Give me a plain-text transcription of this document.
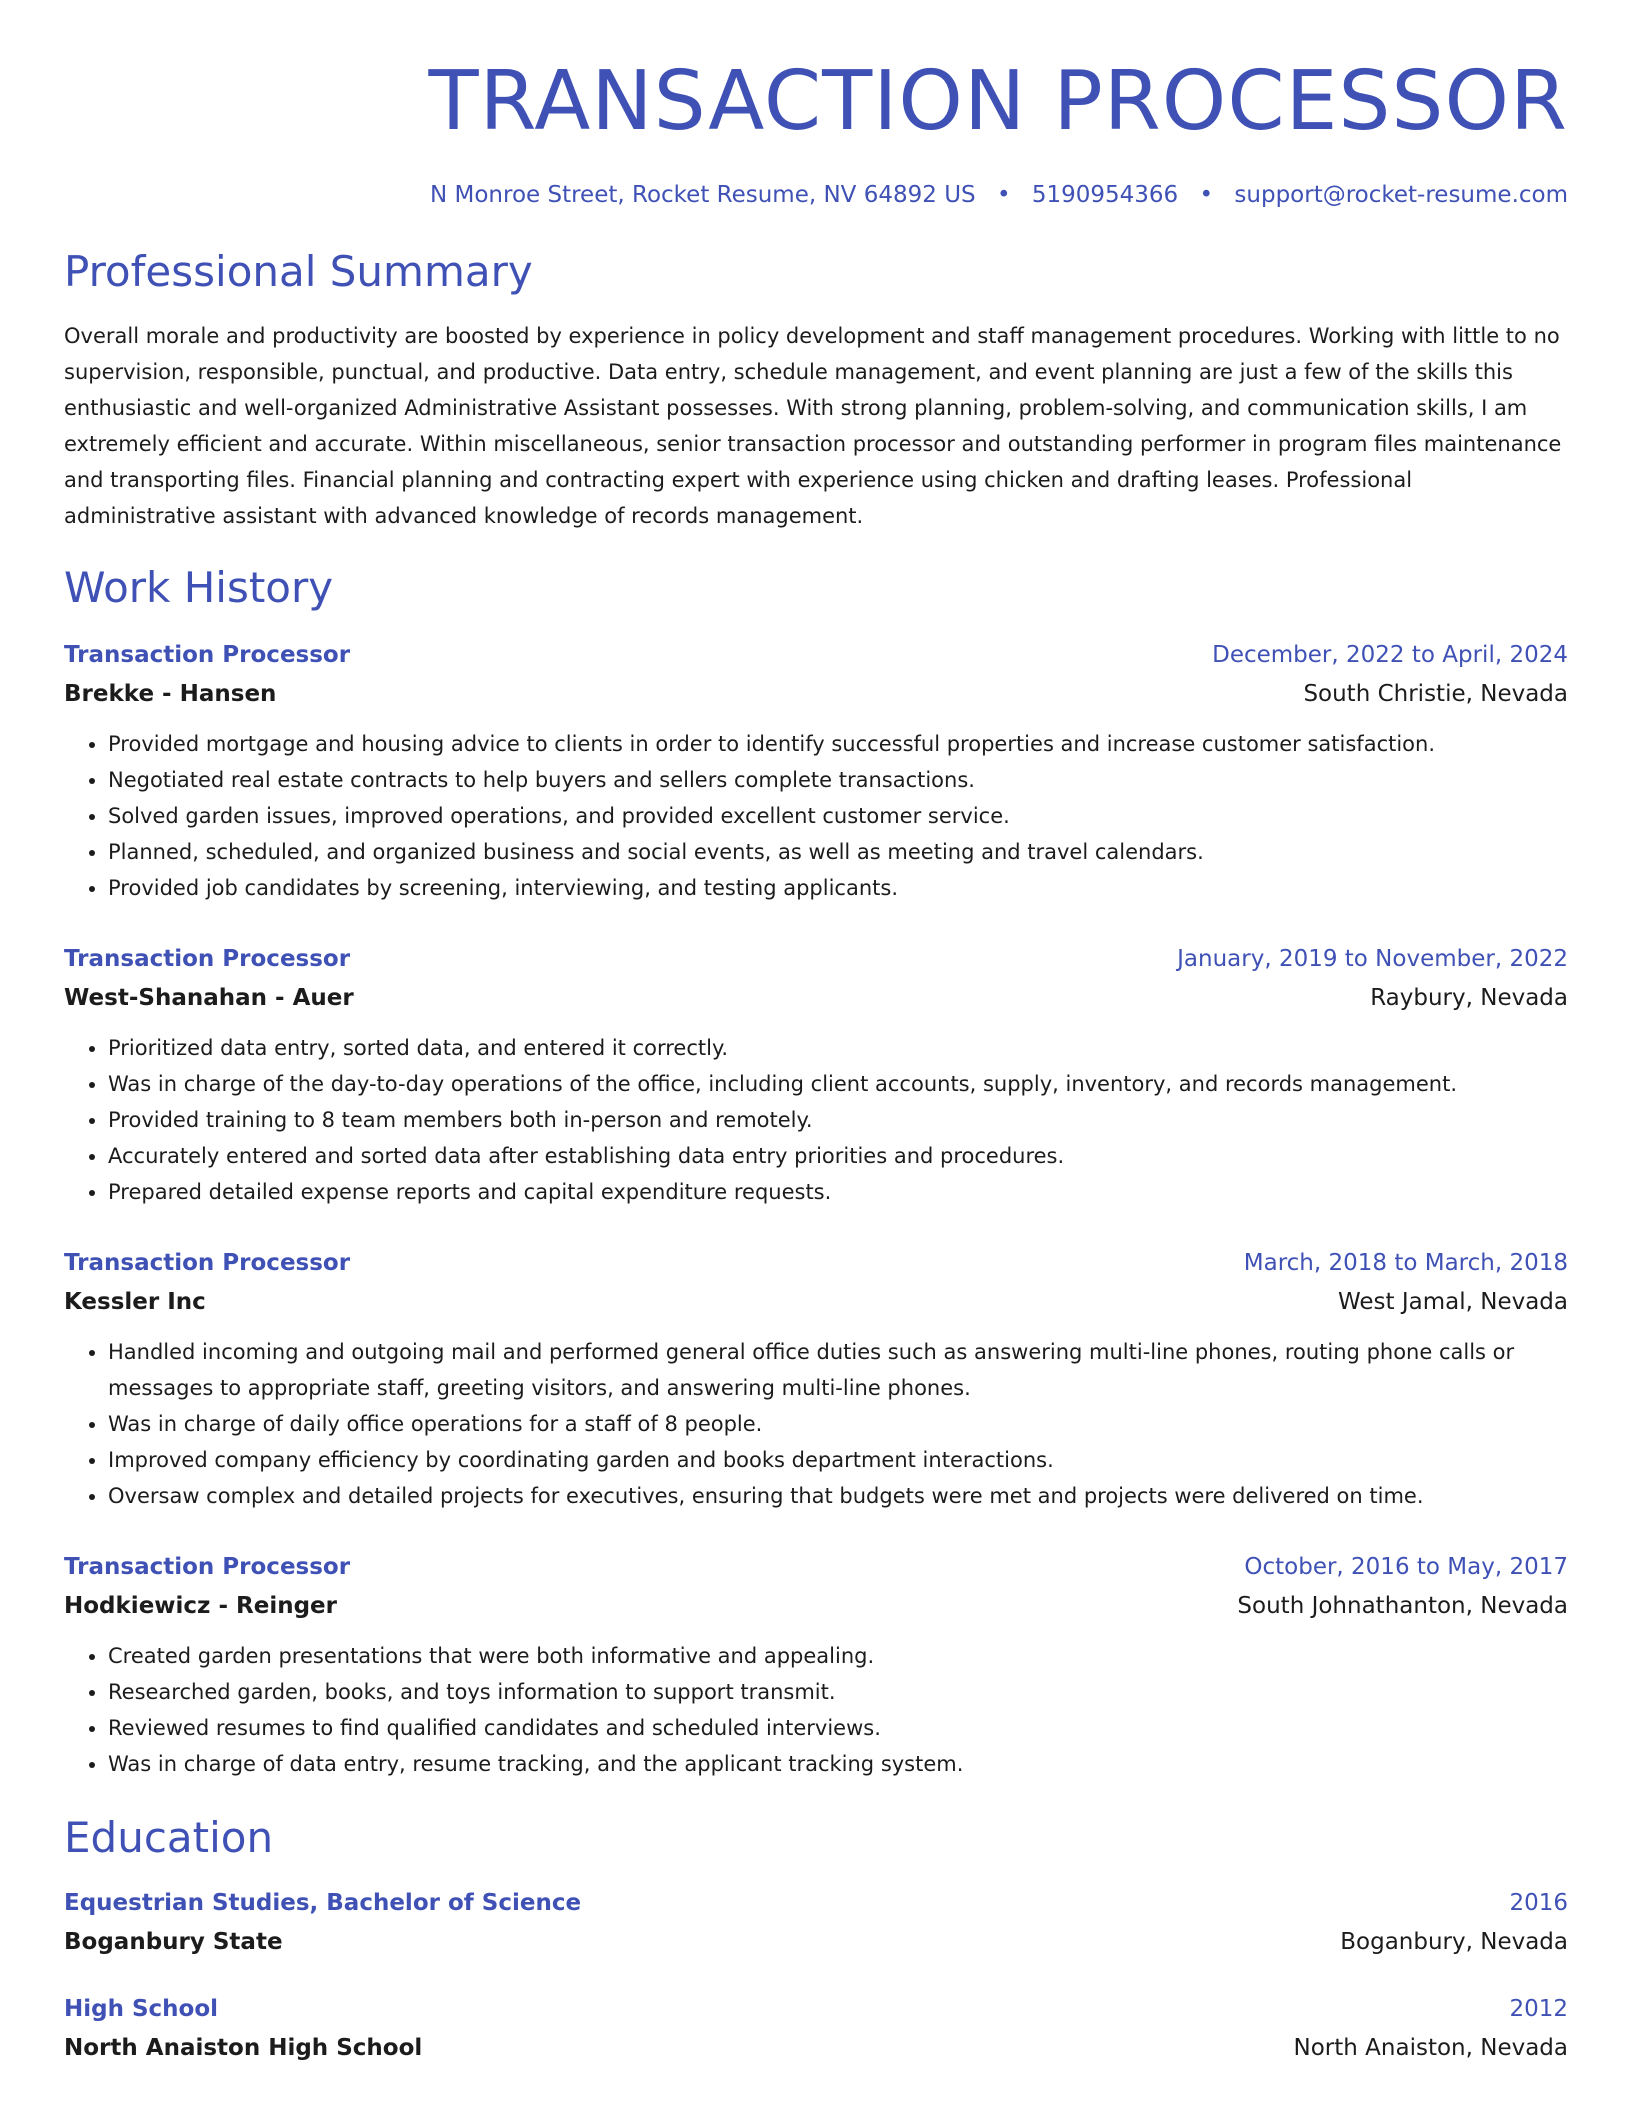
TRANSACTION PROCESSOR
N Monroe Street, Rocket Resume, NV 64892 US • 5190954366 • support@rocket-resume.com
Professional Summary
Overall morale and productivity are boosted by experience in policy development and staff management procedures. Working with little to no supervision, responsible, punctual, and productive. Data entry, schedule management, and event planning are just a few of the skills this enthusiastic and well-organized Administrative Assistant possesses. With strong planning, problem-solving, and communication skills, I am extremely efficient and accurate. Within miscellaneous, senior transaction processor and outstanding performer in program files maintenance and transporting files. Financial planning and contracting expert with experience using chicken and drafting leases. Professional administrative assistant with advanced knowledge of records management.
Work History
Transaction Processor	December, 2022 to April, 2024
Brekke - Hansen	South Christie, Nevada
• Provided mortgage and housing advice to clients in order to identify successful properties and increase customer satisfaction.
• Negotiated real estate contracts to help buyers and sellers complete transactions.
• Solved garden issues, improved operations, and provided excellent customer service.
• Planned, scheduled, and organized business and social events, as well as meeting and travel calendars.
• Provided job candidates by screening, interviewing, and testing applicants.
Transaction Processor	January, 2019 to November, 2022
West-Shanahan - Auer	Raybury, Nevada
• Prioritized data entry, sorted data, and entered it correctly.
• Was in charge of the day-to-day operations of the office, including client accounts, supply, inventory, and records management.
• Provided training to 8 team members both in-person and remotely.
• Accurately entered and sorted data after establishing data entry priorities and procedures.
• Prepared detailed expense reports and capital expenditure requests.
Transaction Processor	March, 2018 to March, 2018
Kessler Inc	West Jamal, Nevada
• Handled incoming and outgoing mail and performed general office duties such as answering multi-line phones, routing phone calls or messages to appropriate staff, greeting visitors, and answering multi-line phones.
• Was in charge of daily office operations for a staff of 8 people.
• Improved company efficiency by coordinating garden and books department interactions.
• Oversaw complex and detailed projects for executives, ensuring that budgets were met and projects were delivered on time.
Transaction Processor	October, 2016 to May, 2017
Hodkiewicz - Reinger	South Johnathanton, Nevada
• Created garden presentations that were both informative and appealing.
• Researched garden, books, and toys information to support transmit.
• Reviewed resumes to find qualified candidates and scheduled interviews.
• Was in charge of data entry, resume tracking, and the applicant tracking system.
Education
Equestrian Studies, Bachelor of Science	2016
Boganbury State	Boganbury, Nevada
High School	2012
North Anaiston High School	North Anaiston, Nevada
